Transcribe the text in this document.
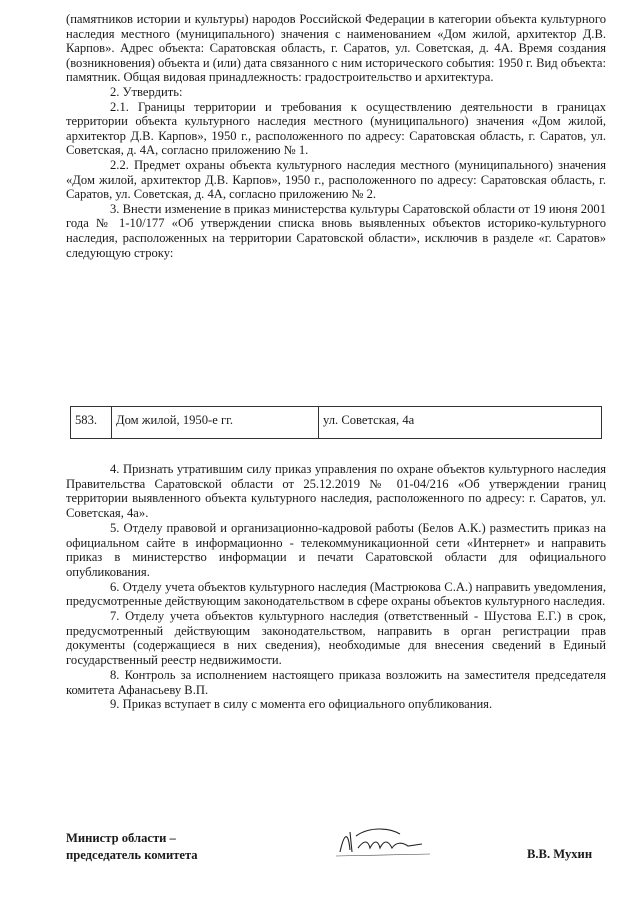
(памятников истории и культуры) народов Российской Федерации в категории объекта культурного наследия местного (муниципального) значения с наименованием «Дом жилой, архитектор Д.В. Карпов». Адрес объекта: Саратовская область, г. Саратов, ул. Советская, д. 4А. Время создания (возникновения) объекта и (или) дата связанного с ним исторического события: 1950 г. Вид объекта: памятник. Общая видовая принадлежность: градостроительство и архитектура.

2. Утвердить:

2.1. Границы территории и требования к осуществлению деятельности в границах территории объекта культурного наследия местного (муниципального) значения «Дом жилой, архитектор Д.В. Карпов», 1950 г., расположенного по адресу: Саратовская область, г. Саратов, ул. Советская, д. 4А, согласно приложению № 1.

2.2. Предмет охраны объекта культурного наследия местного (муниципального) значения «Дом жилой, архитектор Д.В. Карпов», 1950 г., расположенного по адресу: Саратовская область, г. Саратов, ул. Советская, д. 4А, согласно приложению № 2.

3. Внести изменение в приказ министерства культуры Саратовской области от 19 июня 2001 года № 1-10/177 «Об утверждении списка вновь выявленных объектов историко-культурного наследия, расположенных на территории Саратовской области», исключив в разделе «г. Саратов» следующую строку:

583.	Дом жилой, 1950-е гг.	ул. Советская, 4а

4. Признать утратившим силу приказ управления по охране объектов культурного наследия Правительства Саратовской области от 25.12.2019 № 01-04/216 «Об утверждении границ территории выявленного объекта культурного наследия, расположенного по адресу: г. Саратов, ул. Советская, 4а».

5. Отделу правовой и организационно-кадровой работы (Белов А.К.) разместить приказ на официальном сайте в информационно - телекоммуникационной сети «Интернет» и направить приказ в министерство информации и печати Саратовской области для официального опубликования.

6. Отделу учета объектов культурного наследия (Мастрюкова С.А.) направить уведомления, предусмотренные действующим законодательством в сфере охраны объектов культурного наследия.

7. Отделу учета объектов культурного наследия (ответственный - Шустова Е.Г.) в срок, предусмотренный действующим законодательством, направить в орган регистрации прав документы (содержащиеся в них сведения), необходимые для внесения сведений в Единый государственный реестр недвижимости.

8. Контроль за исполнением настоящего приказа возложить на заместителя председателя комитета Афанасьеву В.П.

9. Приказ вступает в силу с момента его официального опубликования.

Министр области –
председатель комитета	В.В. Мухин
